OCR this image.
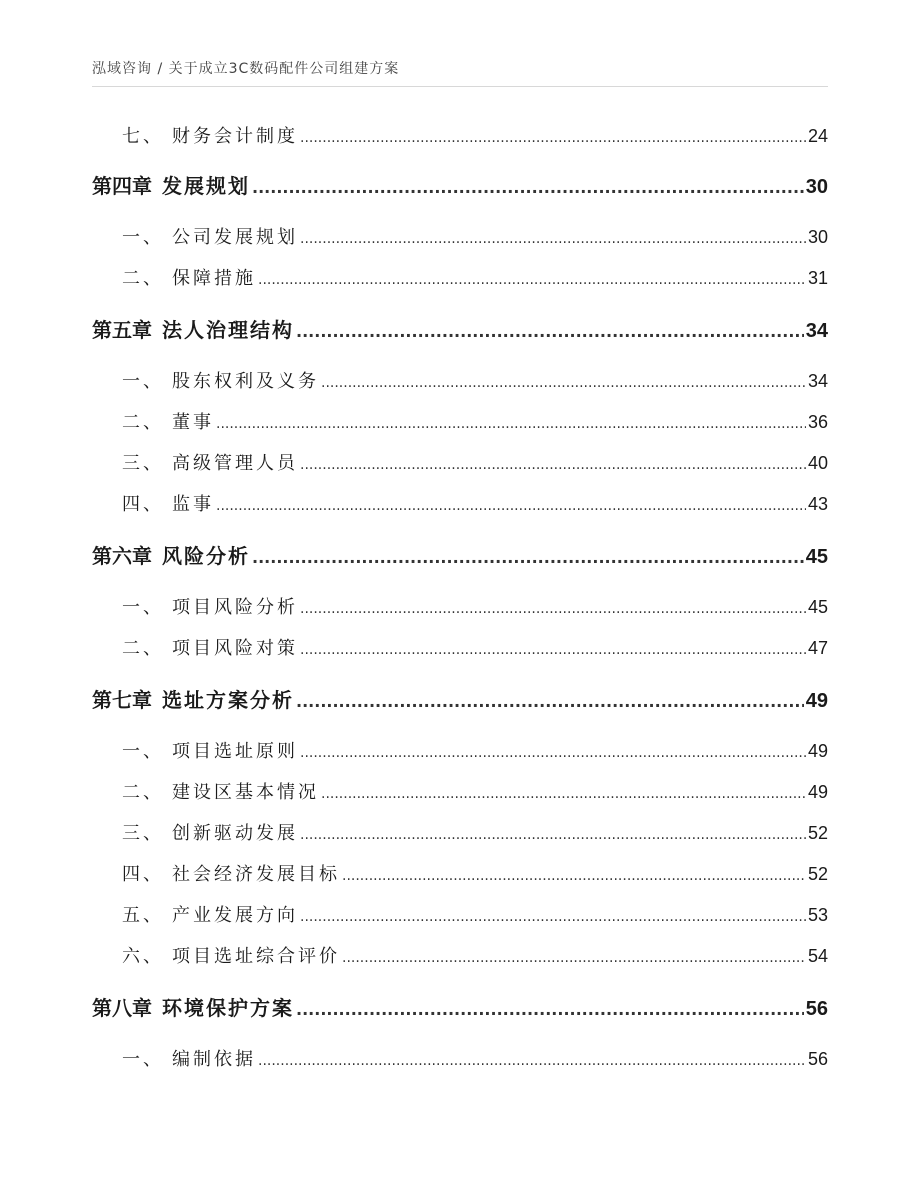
泓域咨询 / 关于成立3C数码配件公司组建方案
七、 财务会计制度 .....	24
第四章 发展规划 .....	30
一、 公司发展规划 .....	30
二、 保障措施 .....	31
第五章 法人治理结构 .....	34
一、 股东权利及义务 .....	34
二、 董事 .....	36
三、 高级管理人员 .....	40
四、 监事 .....	43
第六章 风险分析 .....	45
一、 项目风险分析 .....	45
二、 项目风险对策 .....	47
第七章 选址方案分析 .....	49
一、 项目选址原则 .....	49
二、 建设区基本情况 .....	49
三、 创新驱动发展 .....	52
四、 社会经济发展目标 .....	52
五、 产业发展方向 .....	53
六、 项目选址综合评价 .....	54
第八章 环境保护方案 .....	56
一、 编制依据 .....	56
